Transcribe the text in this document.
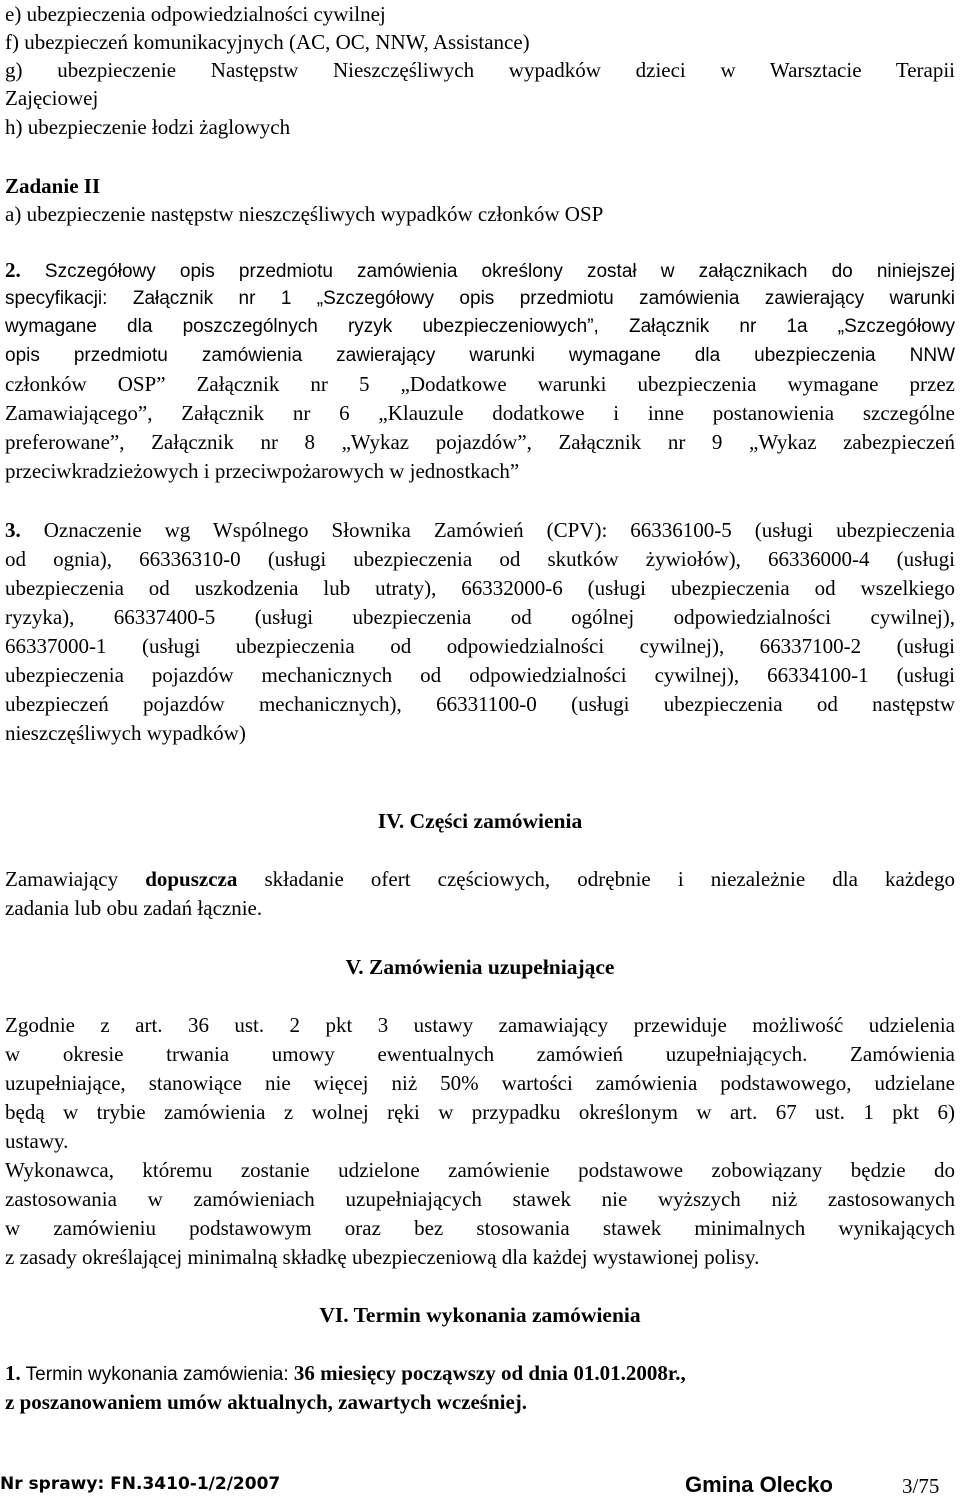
e) ubezpieczenia odpowiedzialności cywilnej
f) ubezpieczeń komunikacyjnych (AC, OC, NNW, Assistance)
g) ubezpieczenie Następstw Nieszczęśliwych wypadków dzieci w Warsztacie Terapii
Zajęciowej
h) ubezpieczenie łodzi żaglowych
Zadanie II
a) ubezpieczenie następstw nieszczęśliwych wypadków członków OSP
2. Szczegółowy opis przedmiotu zamówienia określony został w załącznikach do niniejszej
specyfikacji: Załącznik nr 1 „Szczegółowy opis przedmiotu zamówienia zawierający warunki
wymagane dla poszczególnych ryzyk ubezpieczeniowych”, Załącznik nr 1a „Szczegółowy
opis przedmiotu zamówienia zawierający warunki wymagane dla ubezpieczenia NNW
członków OSP” Załącznik nr 5 „Dodatkowe warunki ubezpieczenia wymagane przez
Zamawiającego”, Załącznik nr 6 „Klauzule dodatkowe i inne postanowienia szczególne
preferowane”, Załącznik nr 8 „Wykaz pojazdów”, Załącznik nr 9 „Wykaz zabezpieczeń
przeciwkradzieżowych i przeciwpożarowych w jednostkach”
3. Oznaczenie wg Wspólnego Słownika Zamówień (CPV): 66336100-5 (usługi ubezpieczenia
od ognia), 66336310-0 (usługi ubezpieczenia od skutków żywiołów), 66336000-4 (usługi
ubezpieczenia od uszkodzenia lub utraty), 66332000-6 (usługi ubezpieczenia od wszelkiego
ryzyka), 66337400-5 (usługi ubezpieczenia od ogólnej odpowiedzialności cywilnej),
66337000-1 (usługi ubezpieczenia od odpowiedzialności cywilnej), 66337100-2 (usługi
ubezpieczenia pojazdów mechanicznych od odpowiedzialności cywilnej), 66334100-1 (usługi
ubezpieczeń pojazdów mechanicznych), 66331100-0 (usługi ubezpieczenia od następstw
nieszczęśliwych wypadków)
IV. Części zamówienia
Zamawiający dopuszcza składanie ofert częściowych, odrębnie i niezależnie dla każdego
zadania lub obu zadań łącznie.
V. Zamówienia uzupełniające
Zgodnie z art. 36 ust. 2 pkt 3 ustawy zamawiający przewiduje możliwość udzielenia
w okresie trwania umowy ewentualnych zamówień uzupełniających. Zamówienia
uzupełniające, stanowiące nie więcej niż 50% wartości zamówienia podstawowego, udzielane
będą w trybie zamówienia z wolnej ręki w przypadku określonym w art. 67 ust. 1 pkt 6)
ustawy.
Wykonawca, któremu zostanie udzielone zamówienie podstawowe zobowiązany będzie do
zastosowania w zamówieniach uzupełniających stawek nie wyższych niż zastosowanych
w zamówieniu podstawowym oraz bez stosowania stawek minimalnych wynikających
z zasady określającej minimalną składkę ubezpieczeniową dla każdej wystawionej polisy.
VI. Termin wykonania zamówienia
1. Termin wykonania zamówienia: 36 miesięcy począwszy od dnia 01.01.2008r.,
z poszanowaniem umów aktualnych, zawartych wcześniej.
Nr sprawy: FN.3410-1/2/2007	Gmina Olecko	3/75
